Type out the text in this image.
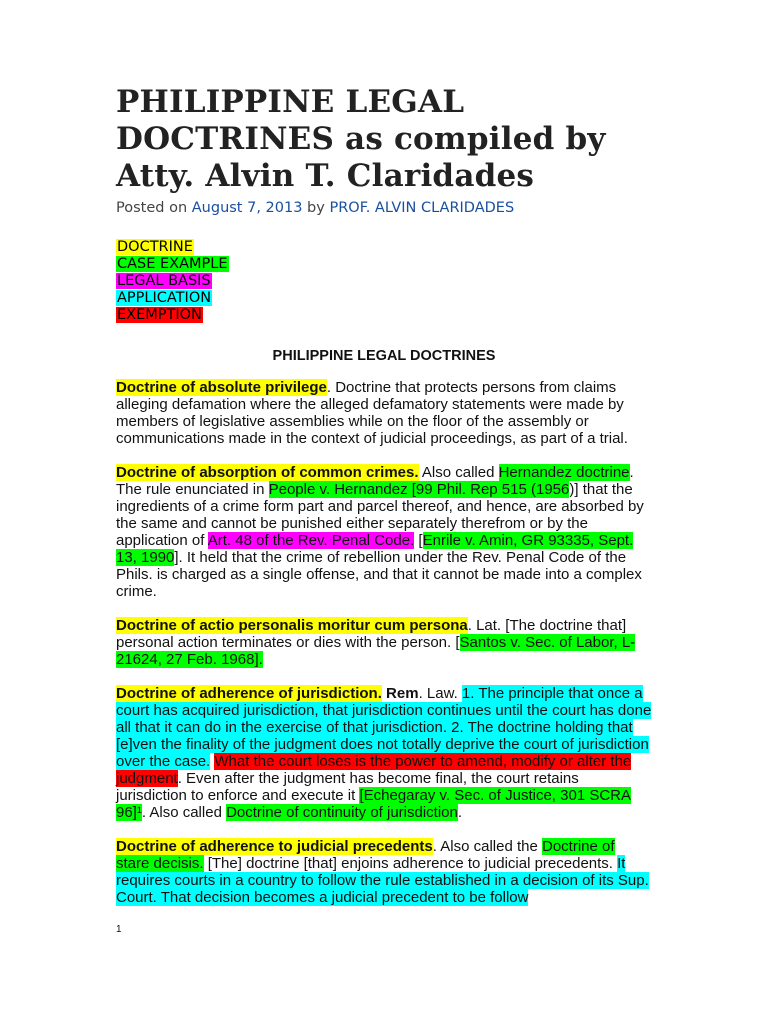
PHILIPPINE LEGAL DOCTRINES as compiled by Atty. Alvin T. Claridades
Posted on August 7, 2013 by PROF. ALVIN CLARIDADES
DOCTRINE
CASE EXAMPLE
LEGAL BASIS
APPLICATION
EXEMPTION
PHILIPPINE LEGAL DOCTRINES
Doctrine of absolute privilege. Doctrine that protects persons from claims alleging defamation where the alleged defamatory statements were made by members of legislative assemblies while on the floor of the assembly or communications made in the context of judicial proceedings, as part of a trial.
Doctrine of absorption of common crimes. Also called Hernandez doctrine. The rule enunciated in People v. Hernandez [99 Phil. Rep 515 (1956)] that the ingredients of a crime form part and parcel thereof, and hence, are absorbed by the same and cannot be punished either separately therefrom or by the application of Art. 48 of the Rev. Penal Code. [Enrile v. Amin, GR 93335, Sept. 13, 1990]. It held that the crime of rebellion under the Rev. Penal Code of the Phils. is charged as a single offense, and that it cannot be made into a complex crime.
Doctrine of actio personalis moritur cum persona. Lat. [The doctrine that] personal action terminates or dies with the person. [Santos v. Sec. of Labor, L-21624, 27 Feb. 1968].
Doctrine of adherence of jurisdiction. Rem. Law. 1. The principle that once a court has acquired jurisdiction, that jurisdiction continues until the court has done all that it can do in the exercise of that jurisdiction. 2. The doctrine holding that [e]ven the finality of the judgment does not totally deprive the court of jurisdiction over the case. What the court loses is the power to amend, modify or alter the judgment. Even after the judgment has become final, the court retains jurisdiction to enforce and execute it [Echegaray v. Sec. of Justice, 301 SCRA 96]¹. Also called Doctrine of continuity of jurisdiction.
Doctrine of adherence to judicial precedents. Also called the Doctrine of stare decisis. [The] doctrine [that] enjoins adherence to judicial precedents. It requires courts in a country to follow the rule established in a decision of its Sup. Court. That decision becomes a judicial precedent to be follow
1
